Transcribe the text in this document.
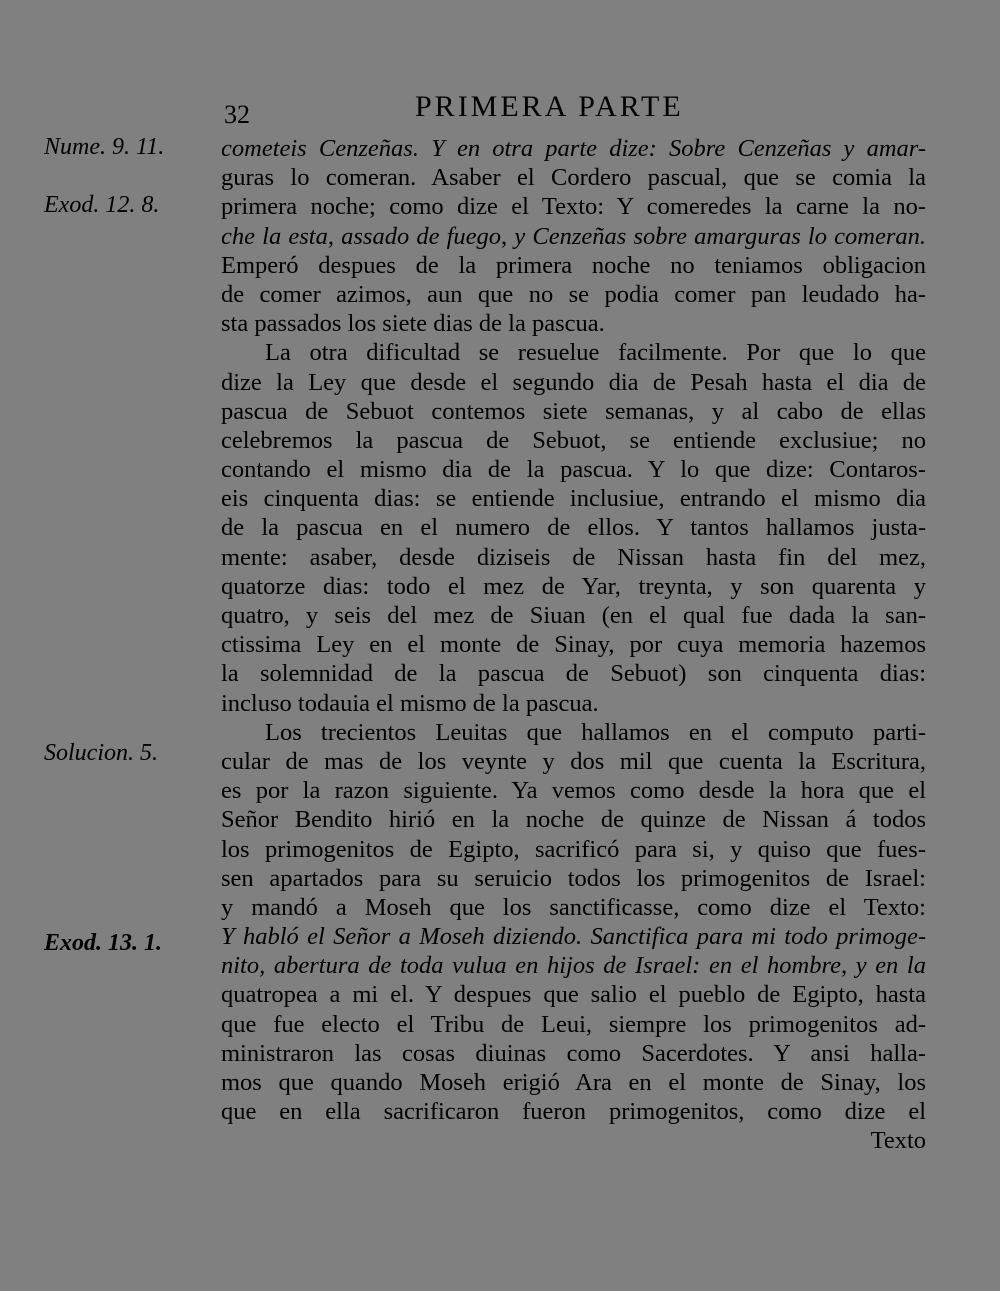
32	PRIMERA PARTE
Nume. 9. 11.
Exod. 12. 8.
Solucion. 5.
Exod. 13. 1.
cometeis Cenzeñas. Y en otra parte dize: Sobre Cenzeñas y amar-
guras lo comeran. Asaber el Cordero pascual, que se comia la
primera noche; como dize el Texto: Y comeredes la carne la no-
che la esta, assado de fuego, y Cenzeñas sobre amarguras lo comeran.
Emperó despues de la primera noche no teniamos obligacion
de comer azimos, aun que no se podia comer pan leudado ha-
sta passados los siete dias de la pascua.
La otra dificultad se resuelue facilmente. Por que lo que
dize la Ley que desde el segundo dia de Pesah hasta el dia de
pascua de Sebuot contemos siete semanas, y al cabo de ellas
celebremos la pascua de Sebuot, se entiende exclusiue; no
contando el mismo dia de la pascua. Y lo que dize: Contaros-
eis cinquenta dias: se entiende inclusiue, entrando el mismo dia
de la pascua en el numero de ellos. Y tantos hallamos justa-
mente: asaber, desde diziseis de Nissan hasta fin del mez,
quatorze dias: todo el mez de Yar, treynta, y son quarenta y
quatro, y seis del mez de Siuan (en el qual fue dada la san-
ctissima Ley en el monte de Sinay, por cuya memoria hazemos
la solemnidad de la pascua de Sebuot) son cinquenta dias:
incluso todauia el mismo de la pascua.
Los trecientos Leuitas que hallamos en el computo parti-
cular de mas de los veynte y dos mil que cuenta la Escritura,
es por la razon siguiente. Ya vemos como desde la hora que el
Señor Bendito hirió en la noche de quinze de Nissan á todos
los primogenitos de Egipto, sacrificó para si, y quiso que fues-
sen apartados para su seruicio todos los primogenitos de Israel:
y mandó a Moseh que los sanctificasse, como dize el Texto:
Y habló el Señor a Moseh diziendo. Sanctifica para mi todo primoge-
nito, abertura de toda vulua en hijos de Israel: en el hombre, y en la
quatropea a mi el. Y despues que salio el pueblo de Egipto, hasta
que fue electo el Tribu de Leui, siempre los primogenitos ad-
ministraron las cosas diuinas como Sacerdotes. Y ansi halla-
mos que quando Moseh erigió Ara en el monte de Sinay, los
que en ella sacrificaron fueron primogenitos, como dize el
Texto
